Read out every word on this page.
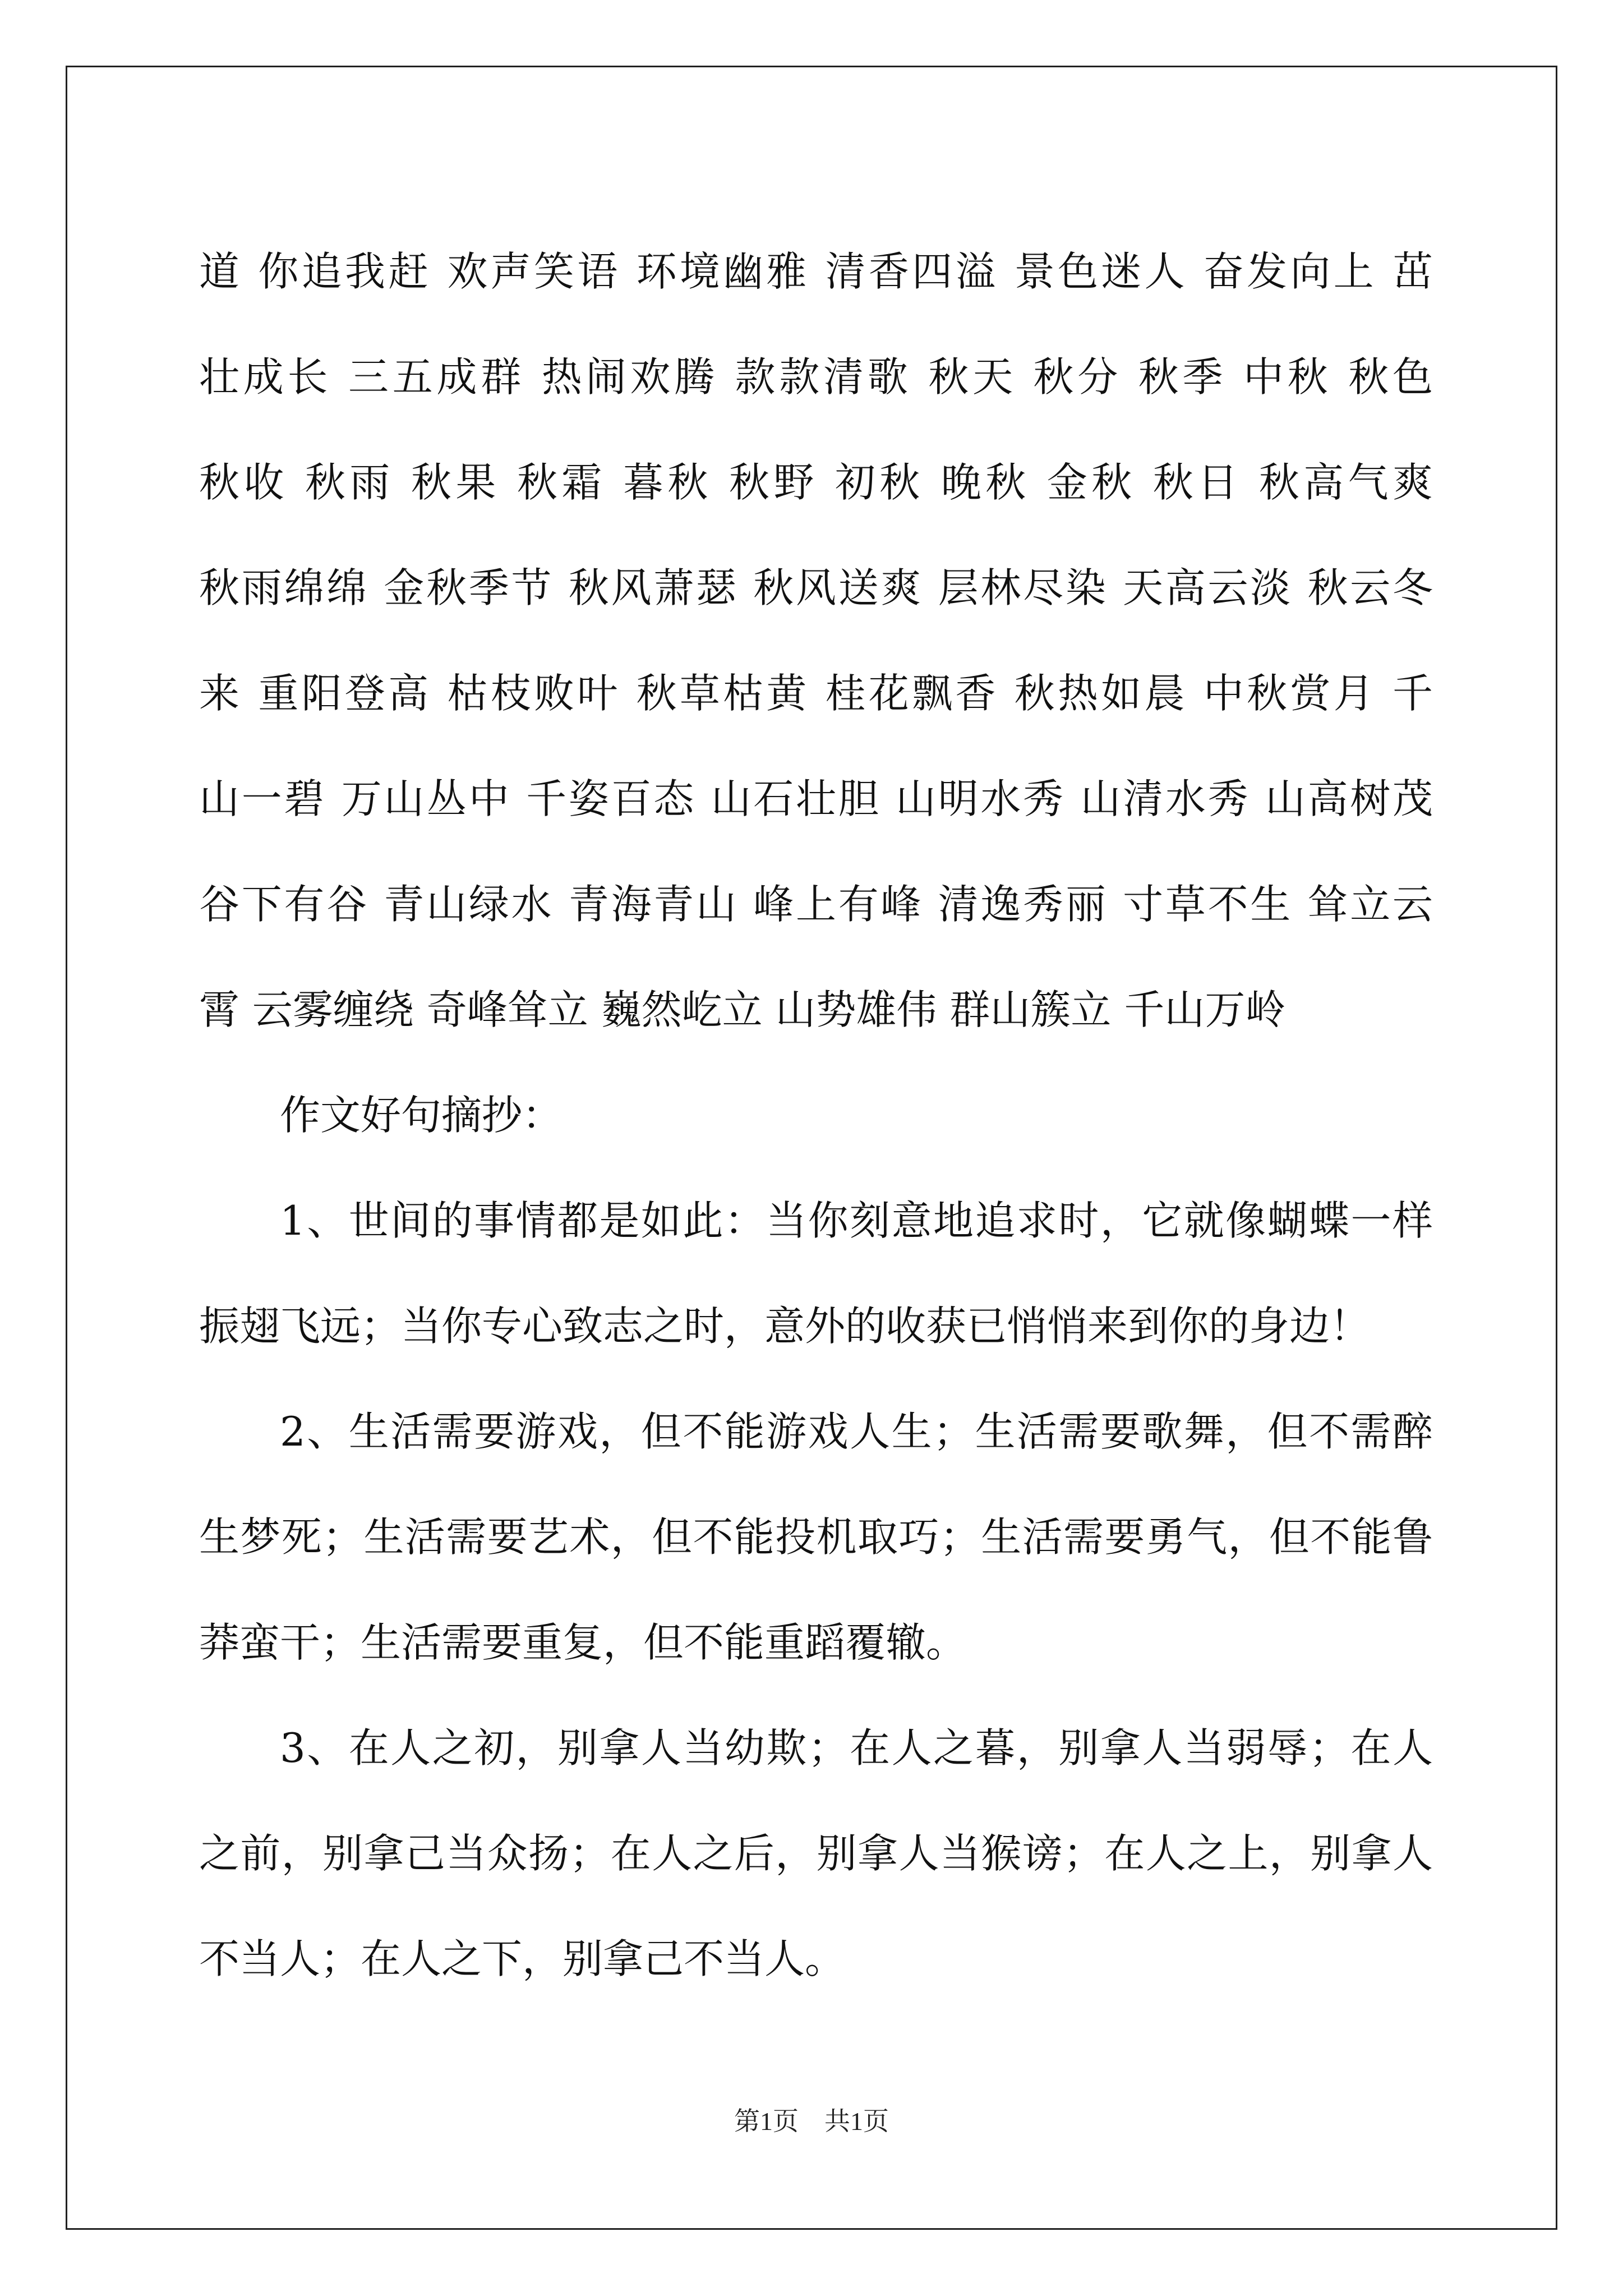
道 你追我赶 欢声笑语 环境幽雅 清香四溢 景色迷人 奋发向上 茁
壮成长 三五成群 热闹欢腾 款款清歌 秋天 秋分 秋季 中秋 秋色
秋收 秋雨 秋果 秋霜 暮秋 秋野 初秋 晚秋 金秋 秋日 秋高气爽
秋雨绵绵 金秋季节 秋风萧瑟 秋风送爽 层林尽染 天高云淡 秋云冬
来 重阳登高 枯枝败叶 秋草枯黄 桂花飘香 秋热如晨 中秋赏月 千
山一碧 万山丛中 千姿百态 山石壮胆 山明水秀 山清水秀 山高树茂
谷下有谷 青山绿水 青海青山 峰上有峰 清逸秀丽 寸草不生 耸立云
霄 云雾缠绕 奇峰耸立 巍然屹立 山势雄伟 群山簇立 千山万岭

作文好句摘抄：

1、世间的事情都是如此：当你刻意地追求时，它就像蝴蝶一样振翅飞远；当你专心致志之时，意外的收获已悄悄来到你的身边！

2、生活需要游戏，但不能游戏人生；生活需要歌舞，但不需醉生梦死；生活需要艺术，但不能投机取巧；生活需要勇气，但不能鲁莽蛮干；生活需要重复，但不能重蹈覆辙。

3、在人之初，别拿人当幼欺；在人之暮，别拿人当弱辱；在人之前，别拿己当众扬；在人之后，别拿人当猴谤；在人之上，别拿人不当人；在人之下，别拿己不当人。

第1页　共1页
